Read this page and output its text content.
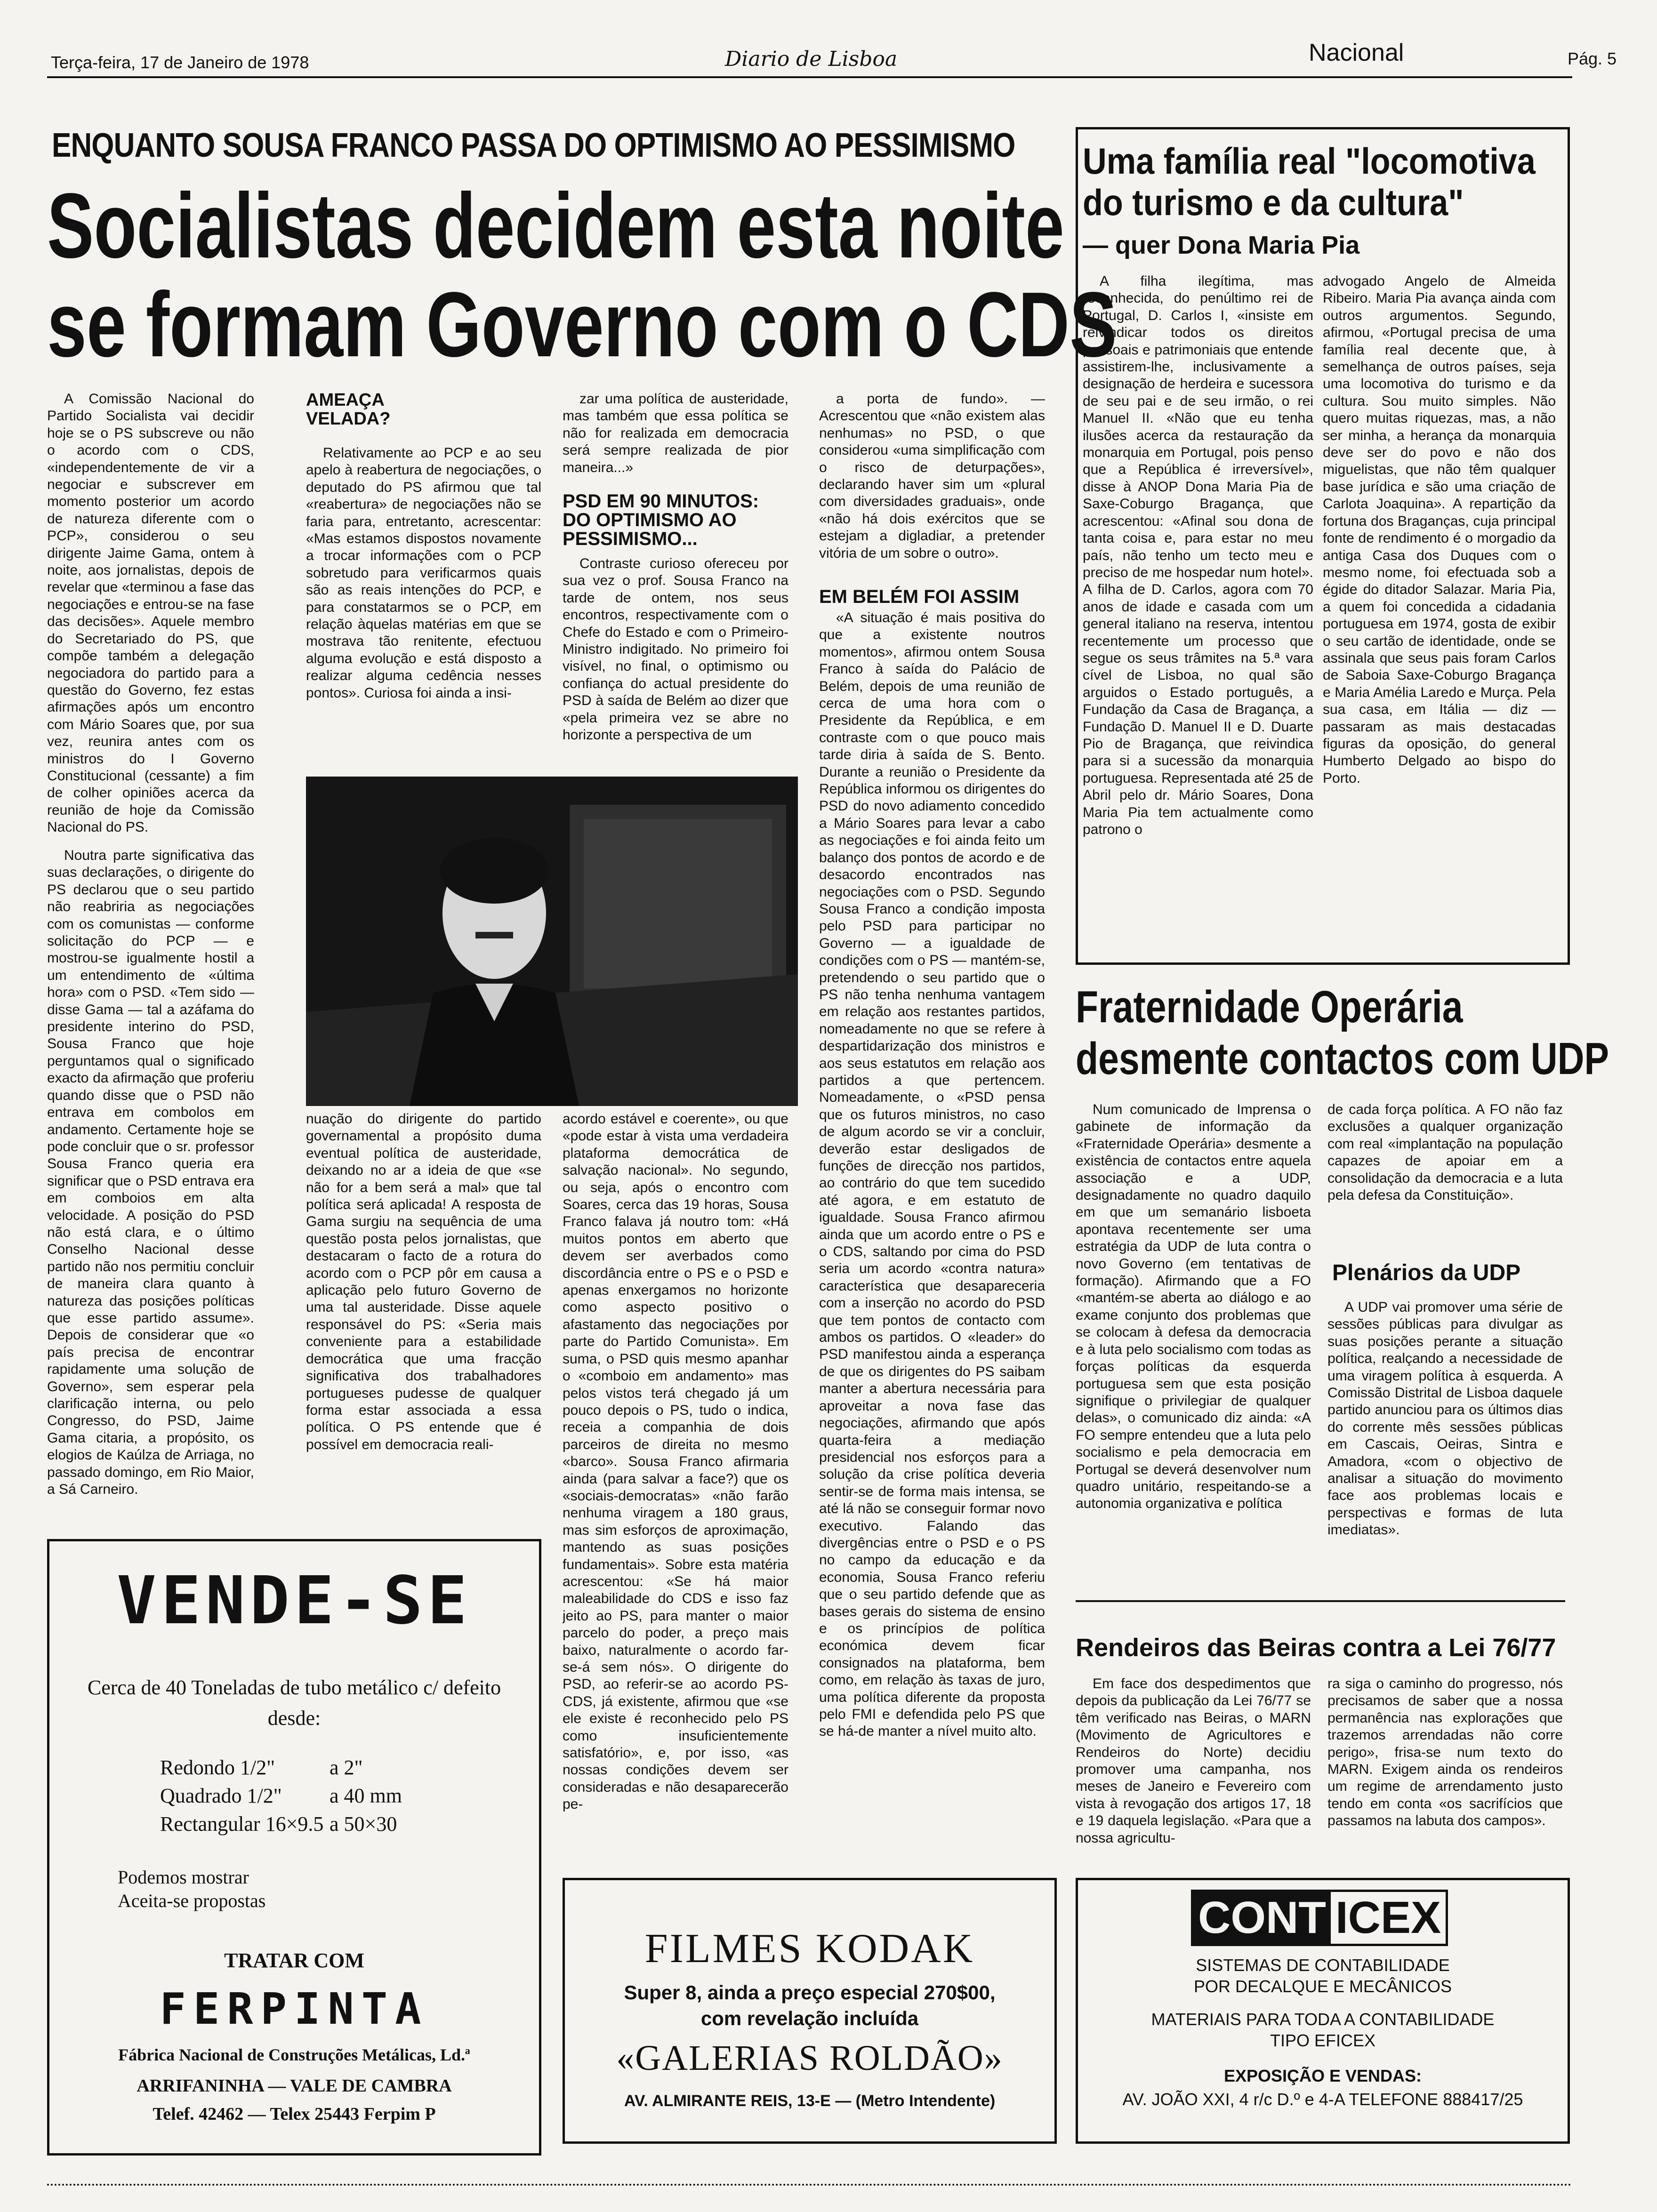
Terça-feira, 17 de Janeiro de 1978	Diario de Lisboa	Nacional	Pág. 5
ENQUANTO SOUSA FRANCO PASSA DO OPTIMISMO AO PESSIMISMO
Socialistas decidem esta noite
se formam Governo com o CDS

A Comissão Nacional do Partido Socialista vai decidir hoje se o PS subscreve ou não o acordo com o CDS, «independentemente de vir a negociar e subscrever em momento posterior um acordo de natureza diferente com o PCP», considerou o seu dirigente Jaime Gama, ontem à noite, aos jornalistas, depois de revelar que «terminou a fase das negociações e entrou-se na fase das decisões». Aquele membro do Secretariado do PS, que compõe também a delegação negociadora do partido para a questão do Governo, fez estas afirmações após um encontro com Mário Soares que, por sua vez, reunira antes com os ministros do I Governo Constitucional (cessante) a fim de colher opiniões acerca da reunião de hoje da Comissão Nacional do PS.

Noutra parte significativa das suas declarações, o dirigente do PS declarou que o seu partido não reabriria as negociações com os comunistas — conforme solicitação do PCP — e mostrou-se igualmente hostil a um entendimento de «última hora» com o PSD. «Tem sido — disse Gama — tal a azáfama do presidente interino do PSD, Sousa Franco que hoje perguntamos qual o significado exacto da afirmação que proferiu quando disse que o PSD não entrava em combolos em andamento. Certamente hoje se pode concluir que o sr. professor Sousa Franco queria era significar que o PSD entrava era em comboios em alta velocidade. A posição do PSD não está clara, e o último Conselho Nacional desse partido não nos permitiu concluir de maneira clara quanto à natureza das posições políticas que esse partido assume». Depois de considerar que «o país precisa de encontrar rapidamente uma solução de Governo», sem esperar pela clarificação interna, ou pelo Congresso, do PSD, Jaime Gama citaria, a propósito, os elogios de Kaúlza de Arriaga, no passado domingo, em Rio Maior, a Sá Carneiro.

AMEAÇA VELADA?

Relativamente ao PCP e ao seu apelo à reabertura de negociações, o deputado do PS afirmou que tal «reabertura» de negociações não se faria para, entretanto, acrescentar: «Mas estamos dispostos novamente a trocar informações com o PCP sobretudo para verificarmos quais são as reais intenções do PCP, e para constatarmos se o PCP, em relação àquelas matérias em que se mostrava tão renitente, efectuou alguma evolução e está disposto a realizar alguma cedência nesses pontos». Curiosa foi ainda a insi-

zar uma política de austeridade, mas também que essa política se não for realizada em democracia será sempre realizada de pior maneira...»

PSD EM 90 MINUTOS: DO OPTIMISMO AO PESSIMISMO...

Contraste curioso ofereceu por sua vez o prof. Sousa Franco na tarde de ontem, nos seus encontros, respectivamente com o Chefe do Estado e com o Primeiro-Ministro indigitado. No primeiro foi visível, no final, o optimismo ou confiança do actual presidente do PSD à saída de Belém ao dizer que «pela primeira vez se abre no horizonte a perspectiva de um

a porta de fundo». — Acrescentou que «não existem alas nenhumas» no PSD, o que considerou «uma simplificação com o risco de deturpações», declarando haver sim um «plural com diversidades graduais», onde «não há dois exércitos que se estejam a digladiar, a pretender vitória de um sobre o outro».

EM BELÉM FOI ASSIM

«A situação é mais positiva do que a existente noutros momentos», afirmou ontem Sousa Franco à saída do Palácio de Belém, depois de uma reunião de cerca de uma hora com o Presidente da República, e em contraste com o que pouco mais tarde diria à saída de S. Bento. Durante a reunião o Presidente da República informou os dirigentes do PSD do novo adiamento concedido a Mário Soares para levar a cabo as negociações e foi ainda feito um balanço dos pontos de acordo e de desacordo encontrados nas negociações com o PSD. Segundo Sousa Franco a condição imposta pelo PSD para participar no Governo — a igualdade de condições com o PS — mantém-se, pretendendo o seu partido que o PS não tenha nenhuma vantagem em relação aos restantes partidos, nomeadamente no que se refere à despartidarização dos ministros e aos seus estatutos em relação aos partidos a que pertencem. Nomeadamente, o «PSD pensa que os futuros ministros, no caso de algum acordo se vir a concluir, deverão estar desligados de funções de direcção nos partidos, ao contrário do que tem sucedido até agora, e em estatuto de igualdade. Sousa Franco afirmou ainda que um acordo entre o PS e o CDS, saltando por cima do PSD seria um acordo «contra natura» característica que desapareceria com a inserção no acordo do PSD que tem pontos de contacto com ambos os partidos. O «leader» do PSD manifestou ainda a esperança de que os dirigentes do PS saibam manter a abertura necessária para aproveitar a nova fase das negociações, afirmando que após quarta-feira a mediação presidencial nos esforços para a solução da crise política deveria sentir-se de forma mais intensa, se até lá não se conseguir formar novo executivo. Falando das divergências entre o PSD e o PS no campo da educação e da economia, Sousa Franco referiu que o seu partido defende que as bases gerais do sistema de ensino e os princípios de política económica devem ficar consignados na plataforma, bem como, em relação às taxas de juro, uma política diferente da proposta pelo FMI e defendida pelo PS que se há-de manter a nível muito alto.

nuação do dirigente do partido governamental a propósito duma eventual política de austeridade, deixando no ar a ideia de que «se não for a bem será a mal» que tal política será aplicada! A resposta de Gama surgiu na sequência de uma questão posta pelos jornalistas, que destacaram o facto de a rotura do acordo com o PCP pôr em causa a aplicação pelo futuro Governo de uma tal austeridade. Disse aquele responsável do PS: «Seria mais conveniente para a estabilidade democrática que uma fracção significativa dos trabalhadores portugueses pudesse de qualquer forma estar associada a essa política. O PS entende que é possível em democracia reali-

acordo estável e coerente», ou que «pode estar à vista uma verdadeira plataforma democrática de salvação nacional». No segundo, ou seja, após o encontro com Soares, cerca das 19 horas, Sousa Franco falava já noutro tom: «Há muitos pontos em aberto que devem ser averbados como discordância entre o PS e o PSD e apenas enxergamos no horizonte como aspecto positivo o afastamento das negociações por parte do Partido Comunista». Em suma, o PSD quis mesmo apanhar o «comboio em andamento» mas pelos vistos terá chegado já um pouco depois o PS, tudo o indica, receia a companhia de dois parceiros de direita no mesmo «barco». Sousa Franco afirmaria ainda (para salvar a face?) que os «sociais-democratas» «não farão nenhuma viragem a 180 graus, mas sim esforços de aproximação, mantendo as suas posições fundamentais». Sobre esta matéria acrescentou: «Se há maior maleabilidade do CDS e isso faz jeito ao PS, para manter o maior parcelo do poder, a preço mais baixo, naturalmente o acordo far-se-á sem nós». O dirigente do PSD, ao referir-se ao acordo PS-CDS, já existente, afirmou que «se ele existe é reconhecido pelo PS como insuficientemente satisfatório», e, por isso, «as nossas condições devem ser consideradas e não desaparecerão pe-

Uma família real "locomotiva
do turismo e da cultura"
— quer Dona Maria Pia

A filha ilegítima, mas reconhecida, do penúltimo rei de Portugal, D. Carlos I, «insiste em reivindicar todos os direitos pessoais e patrimoniais que entende assistirem-lhe, inclusivamente a designação de herdeira e sucessora de seu pai e de seu irmão, o rei Manuel II. «Não que eu tenha ilusões acerca da restauração da monarquia em Portugal, pois penso que a República é irreversível», disse à ANOP Dona Maria Pia de Saxe-Coburgo Bragança, que acrescentou: «Afinal sou dona de tanta coisa e, para estar no meu país, não tenho um tecto meu e preciso de me hospedar num hotel». A filha de D. Carlos, agora com 70 anos de idade e casada com um general italiano na reserva, intentou recentemente um processo que segue os seus trâmites na 5.ª vara cível de Lisboa, no qual são arguidos o Estado português, a Fundação da Casa de Bragança, a Fundação D. Manuel II e D. Duarte Pio de Bragança, que reivindica para si a sucessão da monarquia portuguesa. Representada até 25 de Abril pelo dr. Mário Soares, Dona Maria Pia tem actualmente como patrono o

advogado Angelo de Almeida Ribeiro. Maria Pia avança ainda com outros argumentos. Segundo, afirmou, «Portugal precisa de uma família real decente que, à semelhança de outros países, seja uma locomotiva do turismo e da cultura. Sou muito simples. Não quero muitas riquezas, mas, a não ser minha, a herança da monarquia deve ser do povo e não dos miguelistas, que não têm qualquer base jurídica e são uma criação de Carlota Joaquina». A repartição da fortuna dos Braganças, cuja principal fonte de rendimento é o morgadio da antiga Casa dos Duques com o mesmo nome, foi efectuada sob a égide do ditador Salazar. Maria Pia, a quem foi concedida a cidadania portuguesa em 1974, gosta de exibir o seu cartão de identidade, onde se assinala que seus pais foram Carlos de Saboia Saxe-Coburgo Bragança e Maria Amélia Laredo e Murça. Pela sua casa, em Itália — diz — passaram as mais destacadas figuras da oposição, do general Humberto Delgado ao bispo do Porto.

Fraternidade Operária
desmente contactos com UDP

Num comunicado de Imprensa o gabinete de informação da «Fraternidade Operária» desmente a existência de contactos entre aquela associação e a UDP, designadamente no quadro daquilo em que um semanário lisboeta apontava recentemente ser uma estratégia da UDP de luta contra o novo Governo (em tentativas de formação). Afirmando que a FO «mantém-se aberta ao diálogo e ao exame conjunto dos problemas que se colocam à defesa da democracia e à luta pelo socialismo com todas as forças políticas da esquerda portuguesa sem que esta posição signifique o privilegiar de qualquer delas», o comunicado diz ainda: «A FO sempre entendeu que a luta pelo socialismo e pela democracia em Portugal se deverá desenvolver num quadro unitário, respeitando-se a autonomia organizativa e política

de cada força política. A FO não faz exclusões a qualquer organização com real «implantação na população capazes de apoiar em a consolidação da democracia e a luta pela defesa da Constituição».

Plenários da UDP

A UDP vai promover uma série de sessões públicas para divulgar as suas posições perante a situação política, realçando a necessidade de uma viragem política à esquerda. A Comissão Distrital de Lisboa daquele partido anunciou para os últimos dias do corrente mês sessões públicas em Cascais, Oeiras, Sintra e Amadora, «com o objectivo de analisar a situação do movimento face aos problemas locais e perspectivas e formas de luta imediatas».

Rendeiros das Beiras contra a Lei 76/77

Em face dos despedimentos que depois da publicação da Lei 76/77 se têm verificado nas Beiras, o MARN (Movimento de Agricultores e Rendeiros do Norte) decidiu promover uma campanha, nos meses de Janeiro e Fevereiro com vista à revogação dos artigos 17, 18 e 19 daquela legislação. «Para que a nossa agricultu-

ra siga o caminho do progresso, nós precisamos de saber que a nossa permanência nas explorações que trazemos arrendadas não corre perigo», frisa-se num texto do MARN. Exigem ainda os rendeiros um regime de arrendamento justo tendo em conta «os sacrifícios que passamos na labuta dos campos».

VENDE-SE
Cerca de 40 Toneladas de tubo metálico c/ defeito
desde:
Redondo 1/2"	a 2"
Quadrado 1/2" a 40 mm
Rectangular 16×9.5 a 50×30
Podemos mostrar
Aceita-se propostas
TRATAR COM
FERPINTA
Fábrica Nacional de Construções Metálicas, Ld.ª
ARRIFANINHA — VALE DE CAMBRA
Telef. 42462 — Telex 25443 Ferpim P
FILMES KODAK
Super 8, ainda a preço especial 270$00,
com revelação incluída
«GALERIAS ROLDÃO»
AV. ALMIRANTE REIS, 13-E — (Metro Intendente)
CONT ICEX
SISTEMAS DE CONTABILIDADE
POR DECALQUE E MECÂNICOS
MATERIAIS PARA TODA A CONTABILIDADE
TIPO EFICEX
EXPOSIÇÃO E VENDAS:
AV. JOÃO XXI, 4 r/c D.º e 4-A TELEFONE 888417/25
